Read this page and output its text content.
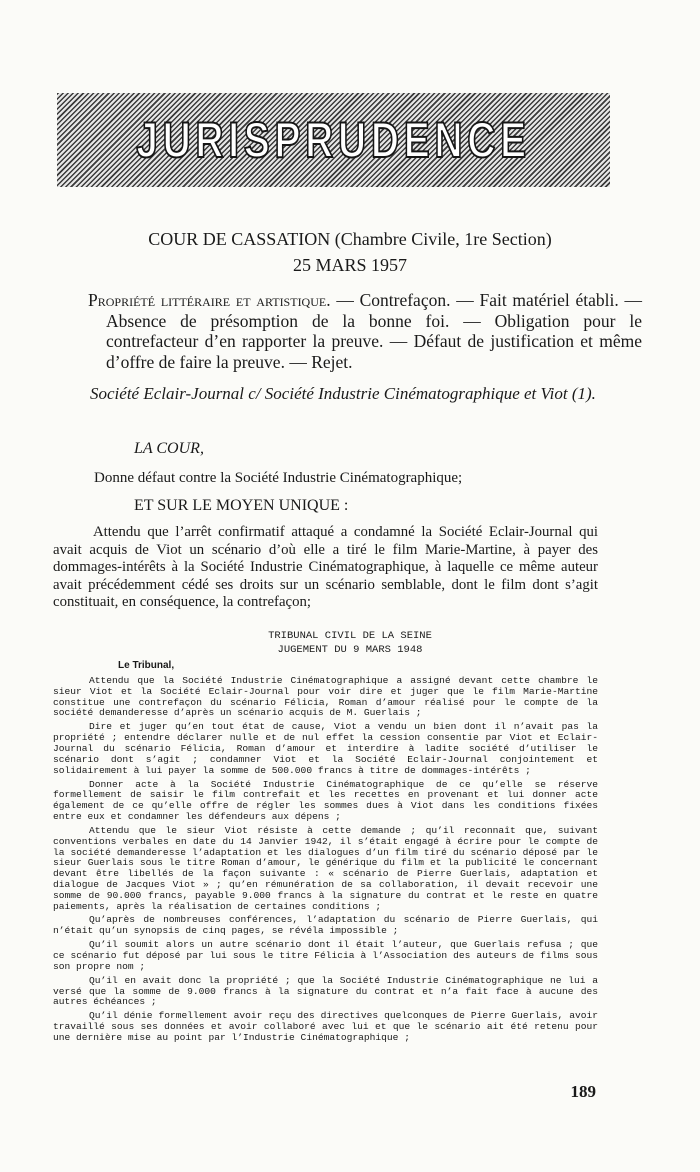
JURISPRUDENCE
COUR DE CASSATION (Chambre Civile, 1re Section)
25 MARS 1957
Propriété littéraire et artistique. — Contrefaçon. — Fait matériel établi. — Absence de présomption de la bonne foi. — Obligation pour le contrefacteur d’en rapporter la preuve. — Défaut de justification et même d’offre de faire la preuve. — Rejet.
Société Eclair-Journal c/ Société Industrie Cinématographique et Viot (1).
LA COUR,
Donne défaut contre la Société Industrie Cinématographique;
ET SUR LE MOYEN UNIQUE :
Attendu que l’arrêt confirmatif attaqué a condamné la Société Eclair-Journal qui avait acquis de Viot un scénario d’où elle a tiré le film Marie-Martine, à payer des dommages-intérêts à la Société Industrie Cinématographique, à laquelle ce même auteur avait précédemment cédé ses droits sur un scénario semblable, dont le film dont s’agit constituait, en conséquence, la contrefaçon;
TRIBUNAL CIVIL DE LA SEINE
JUGEMENT DU 9 MARS 1948
Le Tribunal,

Attendu que la Société Industrie Cinématographique a assigné devant cette chambre le sieur Viot et la Société Eclair-Journal pour voir dire et juger que le film Marie-Martine constitue une contrefaçon du scénario Félicia, Roman d’amour réalisé pour le compte de la société demanderesse d’après un scénario acquis de M. Guerlais ;

Dire et juger qu’en tout état de cause, Viot a vendu un bien dont il n’avait pas la propriété ; entendre déclarer nulle et de nul effet la cession consentie par Viot et Eclair-Journal du scénario Félicia, Roman d’amour et interdire à ladite société d’utiliser le scénario dont s’agit ; condamner Viot et la Société Eclair-Journal conjointement et solidairement à lui payer la somme de 500.000 francs à titre de dommages-intérêts ;

Donner acte à la Société Industrie Cinématographique de ce qu’elle se réserve formellement de saisir le film contrefait et les recettes en provenant et lui donner acte également de ce qu’elle offre de régler les sommes dues à Viot dans les conditions fixées entre eux et condamner les défendeurs aux dépens ;

Attendu que le sieur Viot résiste à cette demande ; qu’il reconnaît que, suivant conventions verbales en date du 14 Janvier 1942, il s’était engagé à écrire pour le compte de la société demanderesse l’adaptation et les dialogues d’un film tiré du scénario déposé par le sieur Guerlais sous le titre Roman d’amour, le générique du film et la publicité le concernant devant être libellés de la façon suivante : « scénario de Pierre Guerlais, adaptation et dialogue de Jacques Viot » ; qu’en rémunération de sa collaboration, il devait recevoir une somme de 90.000 francs, payable 9.000 francs à la signature du contrat et le reste en quatre paiements, après la réalisation de certaines conditions ;

Qu’après de nombreuses conférences, l’adaptation du scénario de Pierre Guerlais, qui n’était qu’un synopsis de cinq pages, se révéla impossible ;

Qu’il soumit alors un autre scénario dont il était l’auteur, que Guerlais refusa ; que ce scénario fut déposé par lui sous le titre Félicia à l’Association des auteurs de films sous son propre nom ;

Qu’il en avait donc la propriété ; que la Société Industrie Cinématographique ne lui a versé que la somme de 9.000 francs à la signature du contrat et n’a fait face à aucune des autres échéances ;

Qu’il dénie formellement avoir reçu des directives quelconques de Pierre Guerlais, avoir travaillé sous ses données et avoir collaboré avec lui et que le scénario ait été retenu pour une dernière mise au point par l’Industrie Cinématographique ;

189
